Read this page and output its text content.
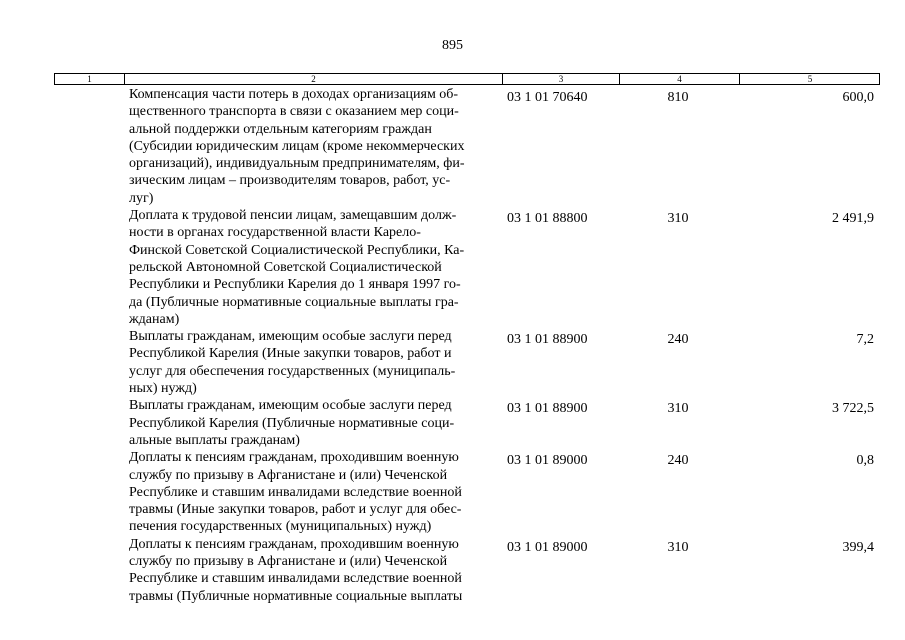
895
1	2	3	4	5
Компенсация части потерь в доходах организациям об-
щественного транспорта в связи с оказанием мер соци-
альной поддержки отдельным категориям граждан
(Субсидии юридическим лицам (кроме некоммерческих
организаций), индивидуальным предпринимателям, фи-
зическим лицам – производителям товаров, работ, ус-
луг)
03 1 01 70640	810	600,0
Доплата к трудовой пенсии лицам, замещавшим долж-
ности в органах государственной власти Карело-
Финской Советской Социалистической Республики, Ка-
рельской Автономной Советской Социалистической
Республики и Республики Карелия до 1 января 1997 го-
да (Публичные нормативные социальные выплаты гра-
жданам)
03 1 01 88800	310	2 491,9
Выплаты гражданам, имеющим особые заслуги перед
Республикой Карелия (Иные закупки товаров, работ и
услуг для обеспечения государственных (муниципаль-
ных) нужд)
03 1 01 88900	240	7,2
Выплаты гражданам, имеющим особые заслуги перед
Республикой Карелия (Публичные нормативные соци-
альные выплаты гражданам)
03 1 01 88900	310	3 722,5
Доплаты к пенсиям гражданам, проходившим военную
службу по призыву в Афганистане и (или) Чеченской
Республике и ставшим инвалидами вследствие военной
травмы (Иные закупки товаров, работ и услуг для обес-
печения государственных (муниципальных) нужд)
03 1 01 89000	240	0,8
Доплаты к пенсиям гражданам, проходившим военную
службу по призыву в Афганистане и (или) Чеченской
Республике и ставшим инвалидами вследствие военной
травмы (Публичные нормативные социальные выплаты
03 1 01 89000	310	399,4
